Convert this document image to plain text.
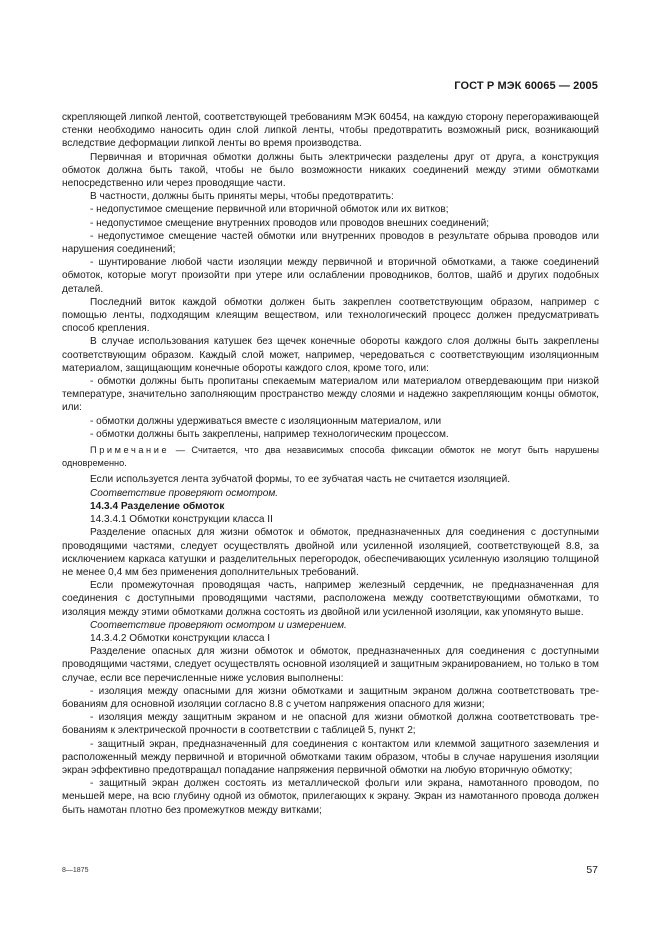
ГОСТ Р МЭК 60065 — 2005

скрепляющей липкой лентой, соответствующей требованиям МЭК 60454, на каждую сторону перегораживающей стенки необходимо наносить один слой липкой ленты, чтобы предотвратить возможный риск, возникающий вследствие деформации липкой ленты во время производства.

Первичная и вторичная обмотки должны быть электрически разделены друг от друга, а конструкция обмоток должна быть такой, чтобы не было возможности никаких соединений между этими обмотками непосредственно или через проводящие части.

В частности, должны быть приняты меры, чтобы предотвратить:

- недопустимое смещение первичной или вторичной обмоток или их витков;

- недопустимое смещение внутренних проводов или проводов внешних соединений;

- недопустимое смещение частей обмотки или внутренних проводов в результате обрыва проводов или нарушения соединений;

- шунтирование любой части изоляции между первичной и вторичной обмотками, а также соединений обмоток, которые могут произойти при утере или ослаблении проводников, болтов, шайб и других подобных деталей.

Последний виток каждой обмотки должен быть закреплен соответствующим образом, например с помощью ленты, подходящим клеящим веществом, или технологический процесс должен предусматривать способ крепления.

В случае использования катушек без щечек конечные обороты каждого слоя должны быть закреплены соответствующим образом. Каждый слой может, например, чередоваться с соответствующим изоляционным материалом, защищающим конечные обороты каждого слоя, кроме того, или:

- обмотки должны быть пропитаны спекаемым материалом или материалом отвердевающим при низкой температуре, значительно заполняющим пространство между слоями и надежно закрепляющим концы обмоток, или:

- обмотки должны удерживаться вместе с изоляционным материалом, или

- обмотки должны быть закреплены, например технологическим процессом.

Примечание — Считается, что два независимых способа фиксации обмоток не могут быть нарушены одновременно.

Если используется лента зубчатой формы, то ее зубчатая часть не считается изоляцией.

Соответствие проверяют осмотром.

14.3.4 Разделение обмоток

14.3.4.1 Обмотки конструкции класса II

Разделение опасных для жизни обмоток и обмоток, предназначенных для соединения с доступными проводящими частями, следует осуществлять двойной или усиленной изоляцией, соответствующей 8.8, за исключением каркаса катушки и разделительных перегородок, обеспечивающих усиленную изоляцию толщиной не менее 0,4 мм без применения дополнительных требований.

Если промежуточная проводящая часть, например железный сердечник, не предназначенная для соединения с доступными проводящими частями, расположена между соответствующими обмотками, то изоляция между этими обмотками должна состоять из двойной или усиленной изоляции, как упомянуто выше.

Соответствие проверяют осмотром и измерением.

14.3.4.2 Обмотки конструкции класса I

Разделение опасных для жизни обмоток и обмоток, предназначенных для соединения с доступными проводящими частями, следует осуществлять основной изоляцией и защитным экранированием, но только в том случае, если все перечисленные ниже условия выполнены:

- изоляция между опасными для жизни обмотками и защитным экраном должна соответствовать требованиям для основной изоляции согласно 8.8 с учетом напряжения опасного для жизни;

- изоляция между защитным экраном и не опасной для жизни обмоткой должна соответствовать требованиям к электрической прочности в соответствии с таблицей 5, пункт 2;

- защитный экран, предназначенный для соединения с контактом или клеммой защитного заземления и расположенный между первичной и вторичной обмотками таким образом, чтобы в случае нарушения изоляции экран эффективно предотвращал попадание напряжения первичной обмотки на любую вторичную обмотку;

- защитный экран должен состоять из металлической фольги или экрана, намотанного проводом, по меньшей мере, на всю глубину одной из обмоток, прилегающих к экрану. Экран из намотанного провода должен быть намотан плотно без промежутков между витками;

8—1875	57
